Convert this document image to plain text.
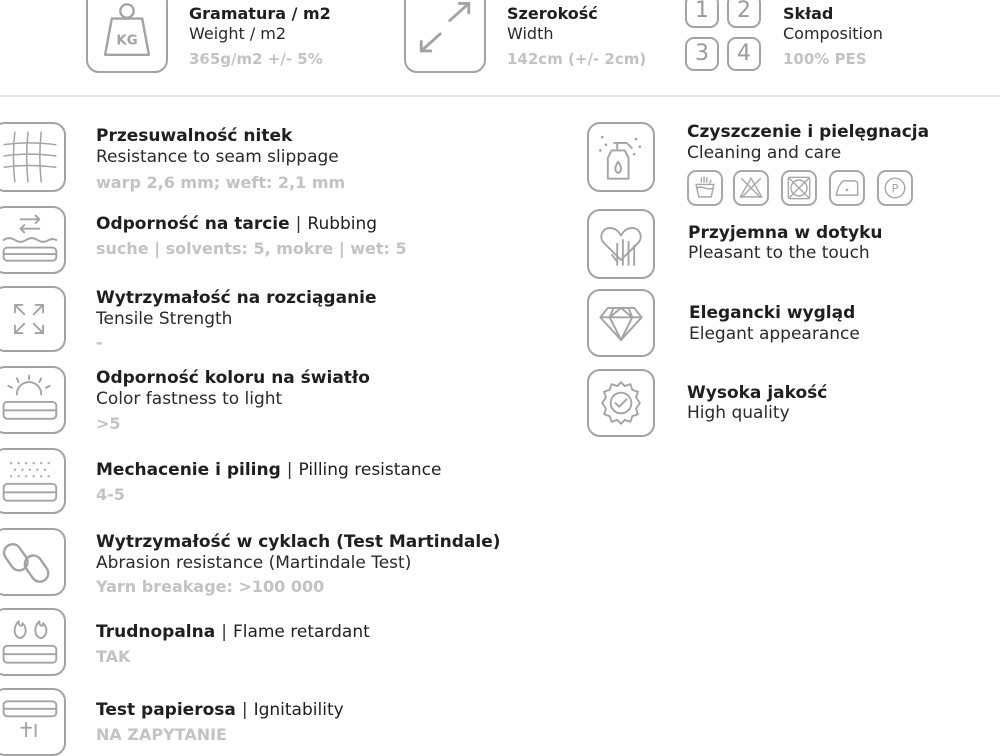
KG
Gramatura / m2
Weight / m2
365g/m2 +/- 5%
Szerokość
Width
142cm (+/- 2cm)
1	2
3	4
Skład
Composition
100% PES
Przesuwalność nitek
Resistance to seam slippage
warp 2,6 mm; weft: 2,1 mm
Odporność na tarcie | Rubbing
suche | solvents: 5, mokre | wet: 5
Wytrzymałość na rozciąganie
Tensile Strength
-
Odporność koloru na światło
Color fastness to light
>5
Mechacenie i piling | Pilling resistance
4-5
Wytrzymałość w cyklach (Test Martindale)
Abrasion resistance (Martindale Test)
Yarn breakage: >100 000
Trudnopalna | Flame retardant
TAK
Test papierosa | Ignitability
NA ZAPYTANIE
Czyszczenie i pielęgnacja
Cleaning and care
P
Przyjemna w dotyku
Pleasant to the touch
Elegancki wygląd
Elegant appearance
Wysoka jakość
High quality
